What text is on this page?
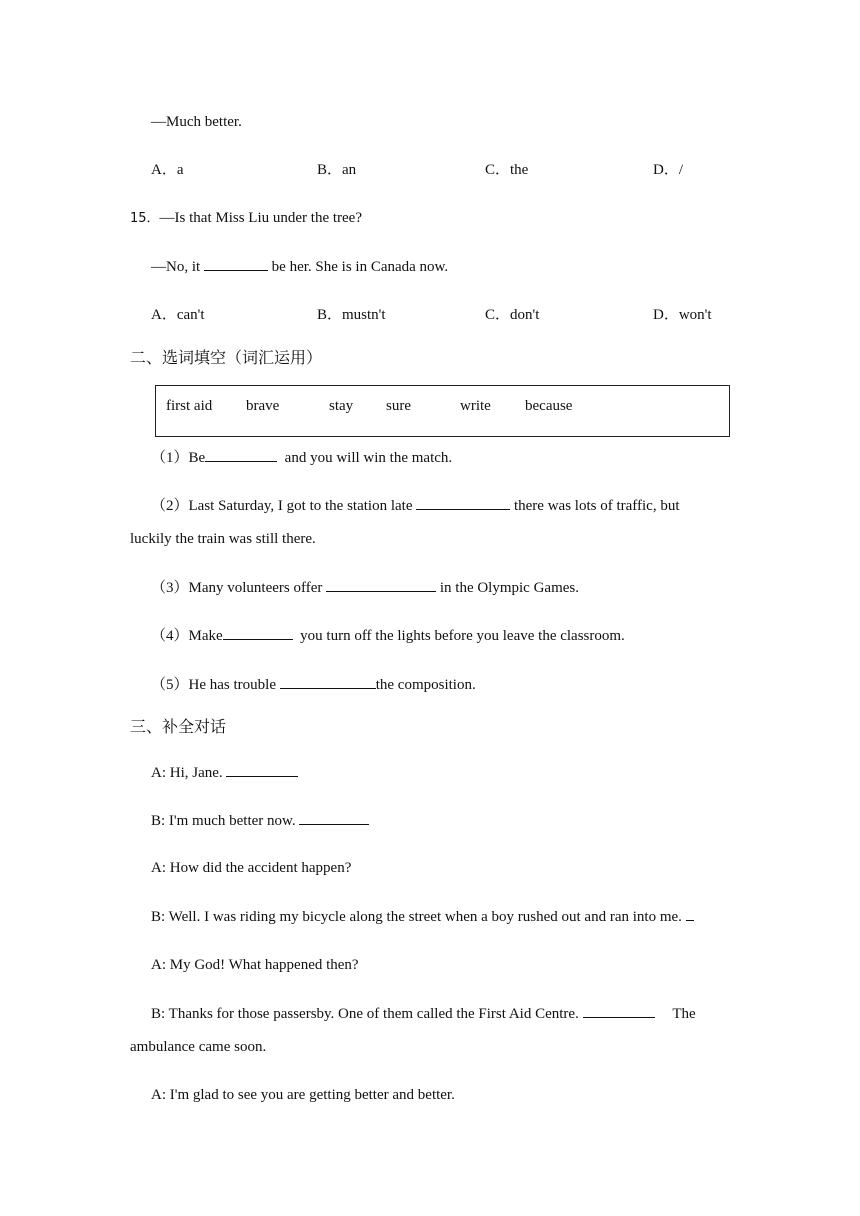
—Much better.
A．a	B．an	C．the	D．/
15．—Is that Miss Liu under the tree?
—No, it	be her. She is in Canada now.
A．can't	B．mustn't	C．don't	D．won't
二、选词填空（词汇运用）
first aid brave	stay sure	write because
（1）Be	and you will win the match.
（2）Last Saturday, I got to the station late	there was lots of traffic, but
luckily the train was still there.
（3）Many volunteers offer	in the Olympic Games.
（4）Make	you turn off the lights before you leave the classroom.
（5）He has trouble	the composition.
三、补全对话
A: Hi, Jane.
B: I'm much better now.
A: How did the accident happen?
B: Well. I was riding my bicycle along the street when a boy rushed out and ran into me.
A: My God! What happened then?
B: Thanks for those passersby. One of them called the First Aid Centre.	The
ambulance came soon.
A: I'm glad to see you are getting better and better.
